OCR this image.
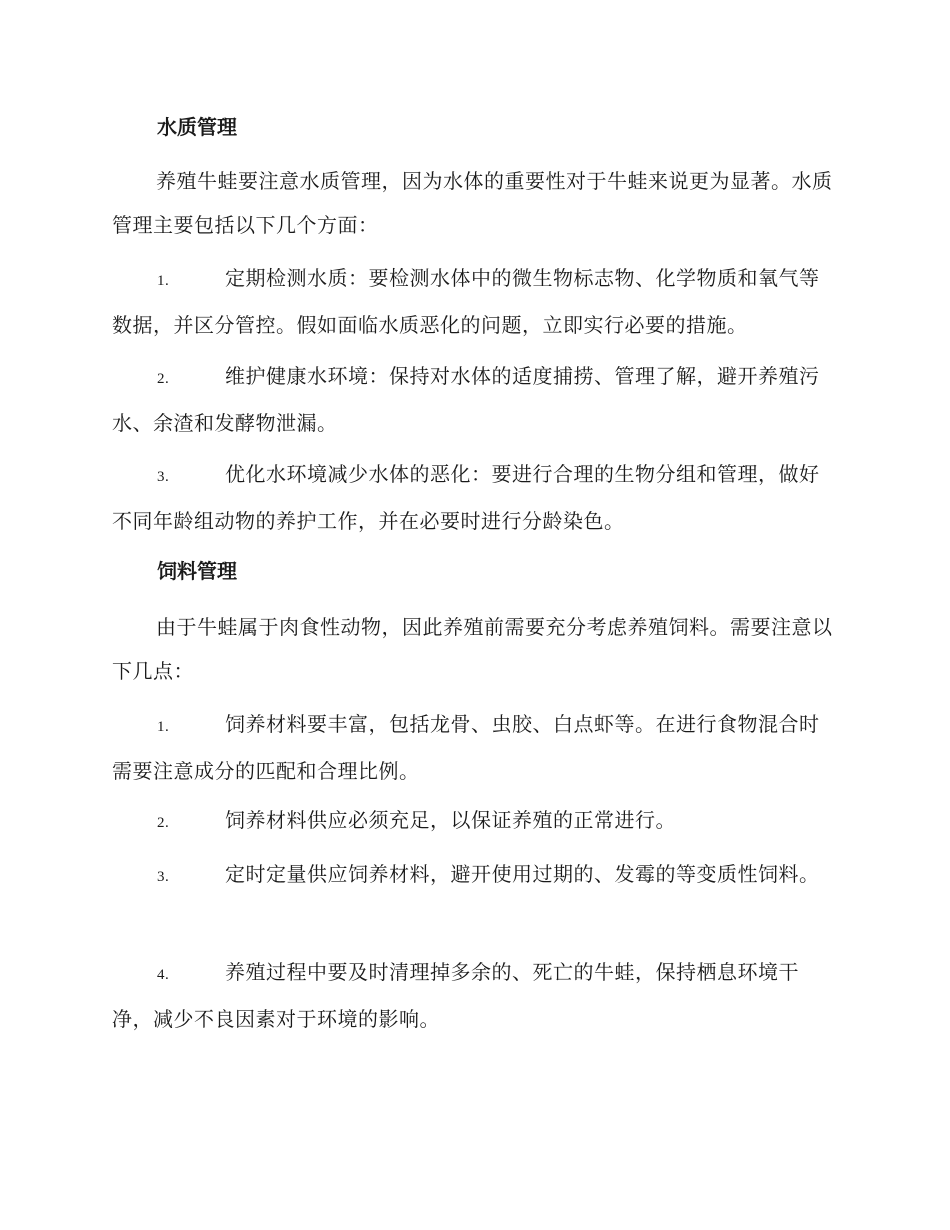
水质管理

养殖牛蛙要注意水质管理，因为水体的重要性对于牛蛙来说更为显著。水质管理主要包括以下几个方面：

1.	定期检测水质：要检测水体中的微生物标志物、化学物质和氧气等数据，并区分管控。假如面临水质恶化的问题，立即实行必要的措施。

2.	维护健康水环境：保持对水体的适度捕捞、管理了解，避开养殖污水、余渣和发酵物泄漏。

3.	优化水环境减少水体的恶化：要进行合理的生物分组和管理，做好不同年龄组动物的养护工作，并在必要时进行分龄染色。

饲料管理

由于牛蛙属于肉食性动物，因此养殖前需要充分考虑养殖饲料。需要注意以下几点：

1.	饲养材料要丰富，包括龙骨、虫胶、白点虾等。在进行食物混合时需要注意成分的匹配和合理比例。

2.	饲养材料供应必须充足，以保证养殖的正常进行。

3.	定时定量供应饲养材料，避开使用过期的、发霉的等变质性饲料。

4.	养殖过程中要及时清理掉多余的、死亡的牛蛙，保持栖息环境干净，减少不良因素对于环境的影响。
